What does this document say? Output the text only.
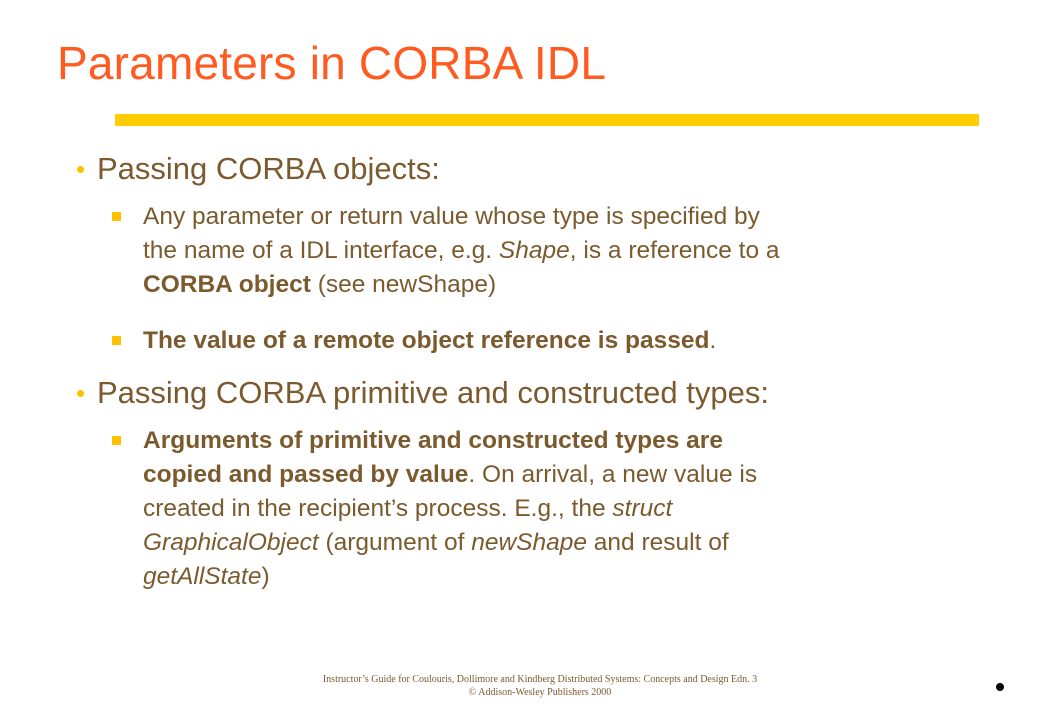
Parameters in CORBA IDL
• Passing CORBA objects:
Any parameter or return value whose type is specified by
the name of a IDL interface, e.g. Shape, is a reference to a
CORBA object (see newShape)
The value of a remote object reference is passed.
• Passing CORBA primitive and constructed types:
Arguments of primitive and constructed types are
copied and passed by value. On arrival, a new value is
created in the recipient’s process. E.g., the struct
GraphicalObject (argument of newShape and result of
getAllState)
Instructor’s Guide for Coulouris, Dollimore and Kindberg Distributed Systems: Concepts and Design Edn. 3
© Addison-Wesley Publishers 2000
